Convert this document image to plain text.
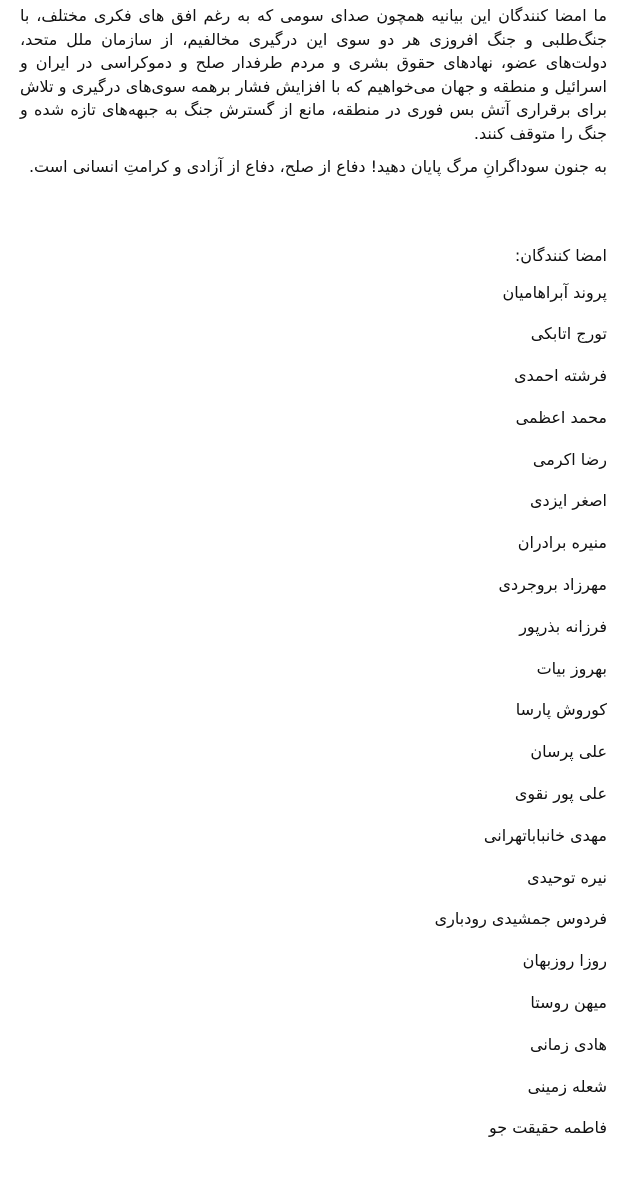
ما امضا کنندگان این بیانیه همچون صدای سومی که به رغم افق های فکری مختلف، با جنگ‌طلبی و جنگ افروزی هر دو سوی این درگیری مخالفیم، از سازمان ملل متحد، دولت‌های عضو، نهادهای حقوق بشری و مردم طرفدار صلح و دموکراسی در ایران و اسرائیل و منطقه و جهان می‌خواهیم که با افزایش فشار برهمه سوی‌های درگیری و تلاش برای برقراری آتش بس فوری در منطقه، مانع از گسترش جنگ به جبهه‌های تازه شده و جنگ را متوقف کنند.

به جنون سوداگرانِ مرگ پایان دهید! دفاع از صلح، دفاع از آزادی و کرامتِ انسانی است.

امضا کنندگان:

پروند آبراهامیان
تورج اتابکی
فرشته احمدی
محمد اعظمی
رضا اکرمی
اصغر ایزدی
منیره برادران
مهرزاد بروجردی
فرزانه بذرپور
بهروز بیات
کوروش پارسا
علی پرسان
علی پور نقوی
مهدی خانباباتهرانی
نیره توحیدی
فردوس جمشیدی رودباری
روزا روزبهان
میهن روستا
هادی زمانی
شعله زمینی
فاطمه حقیقت جو
